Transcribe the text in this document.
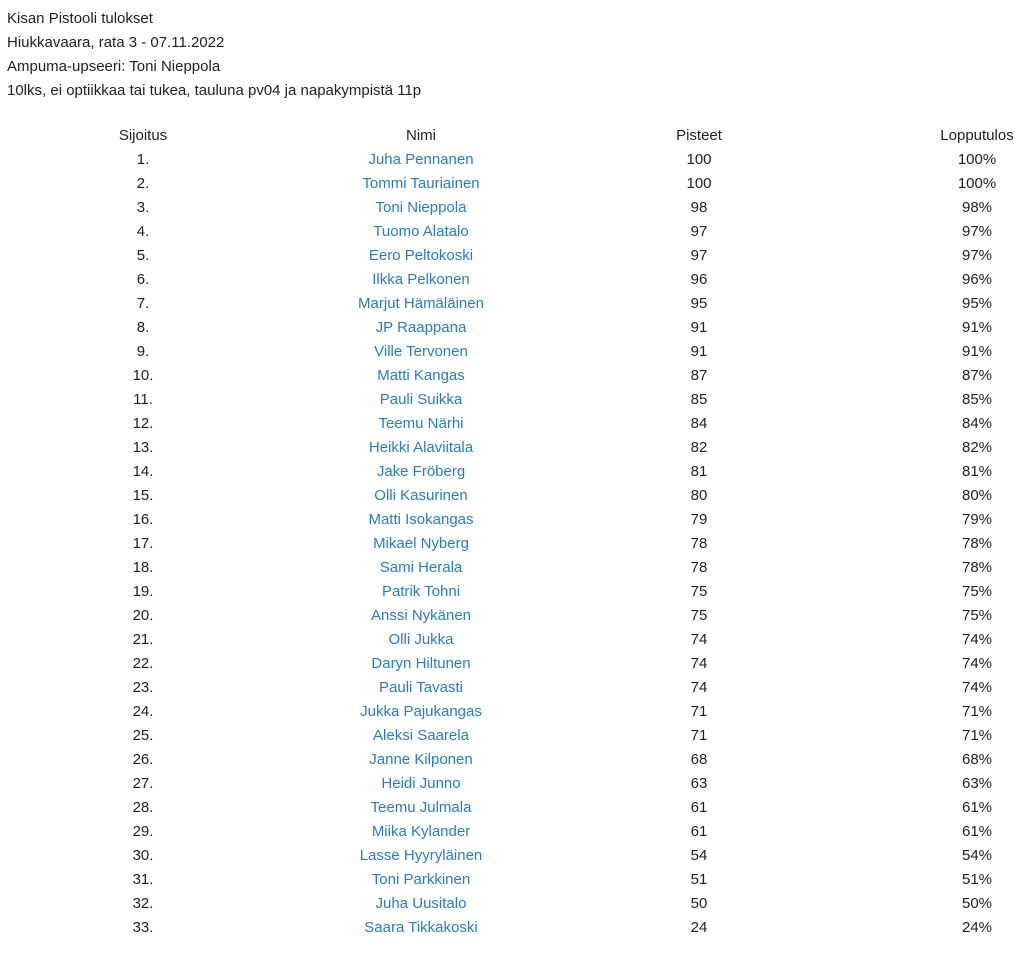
Kisan Pistooli tulokset
Hiukkavaara, rata 3 - 07.11.2022
Ampuma-upseeri: Toni Nieppola
10lks, ei optiikkaa tai tukea, tauluna pv04 ja napakympistä 11p
Sijoitus	Nimi	Pisteet	Lopputulos
1.	Juha Pennanen	100	100%
2.	Tommi Tauriainen	100	100%
3.	Toni Nieppola	98	98%
4.	Tuomo Alatalo	97	97%
5.	Eero Peltokoski	97	97%
6.	Ilkka Pelkonen	96	96%
7.	Marjut Hämäläinen	95	95%
8.	JP Raappana	91	91%
9.	Ville Tervonen	91	91%
10.	Matti Kangas	87	87%
11.	Pauli Suikka	85	85%
12.	Teemu Närhi	84	84%
13.	Heikki Alaviitala	82	82%
14.	Jake Fröberg	81	81%
15.	Olli Kasurinen	80	80%
16.	Matti Isokangas	79	79%
17.	Mikael Nyberg	78	78%
18.	Sami Herala	78	78%
19.	Patrik Tohni	75	75%
20.	Anssi Nykänen	75	75%
21.	Olli Jukka	74	74%
22.	Daryn Hiltunen	74	74%
23.	Pauli Tavasti	74	74%
24.	Jukka Pajukangas	71	71%
25.	Aleksi Saarela	71	71%
26.	Janne Kilponen	68	68%
27.	Heidi Junno	63	63%
28.	Teemu Julmala	61	61%
29.	Miika Kylander	61	61%
30.	Lasse Hyyryläinen	54	54%
31.	Toni Parkkinen	51	51%
32.	Juha Uusitalo	50	50%
33.	Saara Tikkakoski	24	24%
